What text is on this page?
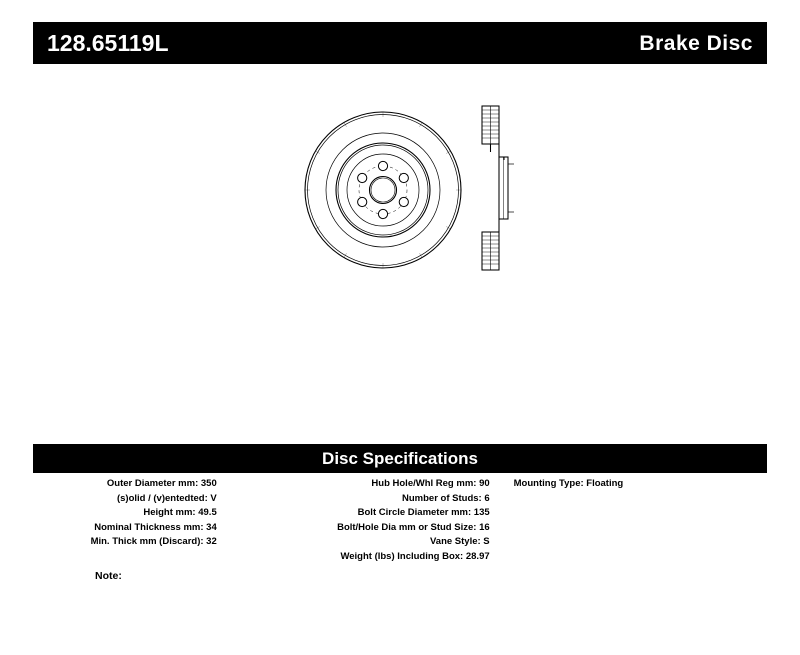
128.65119L	Brake Disc
Disc Specifications
Outer Diameter mm: 350
(s)olid / (v)entedted: V
Height mm: 49.5
Nominal Thickness mm: 34
Min. Thick mm (Discard): 32
Hub Hole/Whl Reg mm: 90
Number of Studs: 6
Bolt Circle Diameter mm: 135
Bolt/Hole Dia mm or Stud Size: 16
Vane Style: S
Weight (lbs) Including Box: 28.97
Mounting Type: Floating
Note:
